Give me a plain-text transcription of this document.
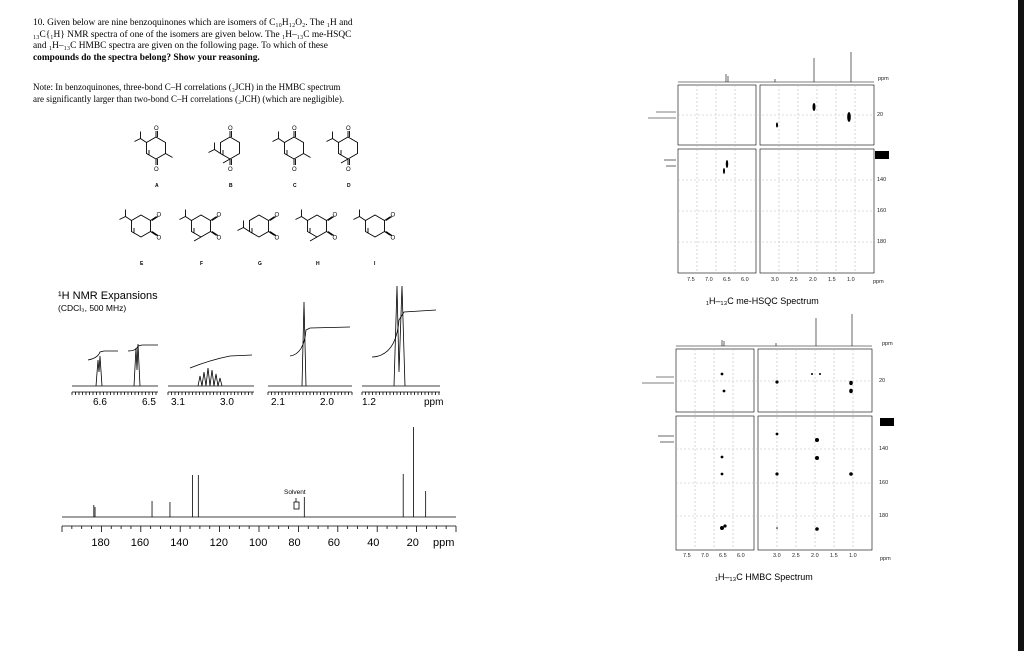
10. Given below are nine benzoquinones which are isomers of C₁₀H₁₂O₂. The ₁H and

₁₃C{₁H} NMR spectra of one of the isomers are given below. The ₁H–₁₃C me-HSQC

and ₁H–₁₃C HMBC spectra are given on the following page. To which of these

compounds do the spectra belong? Show your reasoning.

Note: In benzoquinones, three-bond C–H correlations (₃JCH) in the HMBC spectrum

are significantly larger than two-bond C–H correlations (₂JCH) (which are negligible).

O
O
O
O
O
O
O
O
O
O
O
O
O
O
O
O
O
O
A	B	C	D
E	F	G	H	I
¹H NMR Expansions
(CDCl₃, 500 MHz)
6.6	6.5 3.1	3.0	2.1	2.0	1.2	ppm
Solvent
180 160 140 120 100 80 60 40 20 ppm
7.5 7.0 6.5 6.0	3.0 2.5 2.0 1.5 1.0	ppm
ppm
20
140
160
180
₁H–₁₃C me-HSQC Spectrum
7.5 7.0 6.5 6.0	3.0 2.5 2.0 1.5 1.0	ppm
ppm
20
140
160
180
₁H–₁₃C HMBC Spectrum
